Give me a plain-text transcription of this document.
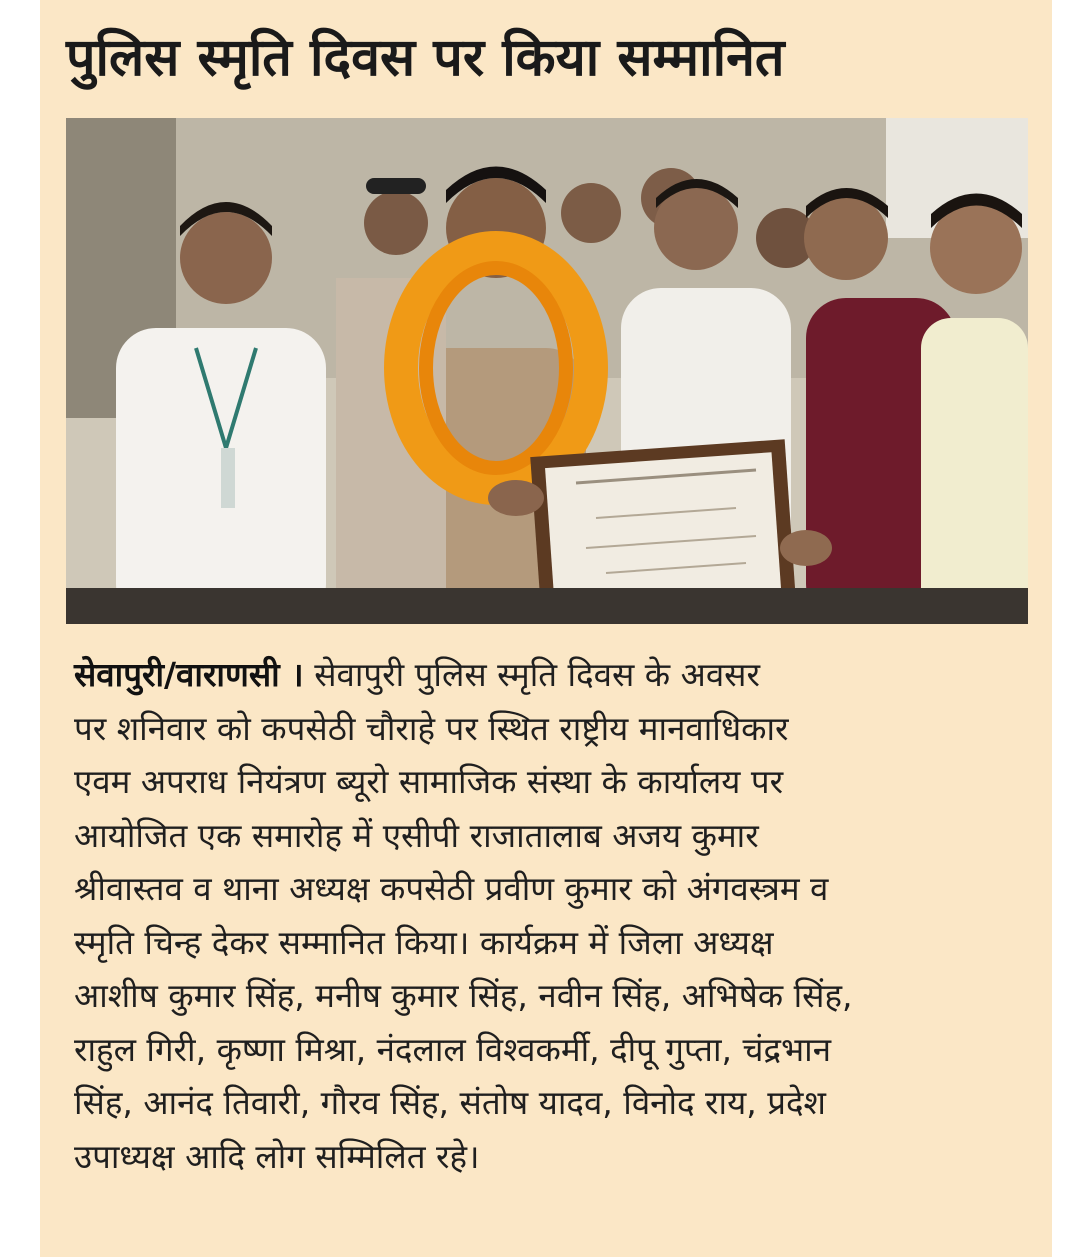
पुलिस स्मृति दिवस पर किया सम्मानित

सेवापुरी/वाराणसी । सेवापुरी पुलिस स्मृति दिवस के अवसर
पर शनिवार को कपसेठी चौराहे पर स्थित राष्ट्रीय मानवाधिकार
एवम अपराध नियंत्रण ब्यूरो सामाजिक संस्था के कार्यालय पर
आयोजित एक समारोह में एसीपी राजातालाब अजय कुमार
श्रीवास्तव व थाना अध्यक्ष कपसेठी प्रवीण कुमार को अंगवस्त्रम व
स्मृति चिन्ह देकर सम्मानित किया। कार्यक्रम में जिला अध्यक्ष
आशीष कुमार सिंह, मनीष कुमार सिंह, नवीन सिंह, अभिषेक सिंह,
राहुल गिरी, कृष्णा मिश्रा, नंदलाल विश्वकर्मी, दीपू गुप्ता, चंद्रभान
सिंह, आनंद तिवारी, गौरव सिंह, संतोष यादव, विनोद राय, प्रदेश
उपाध्यक्ष आदि लोग सम्मिलित रहे।
